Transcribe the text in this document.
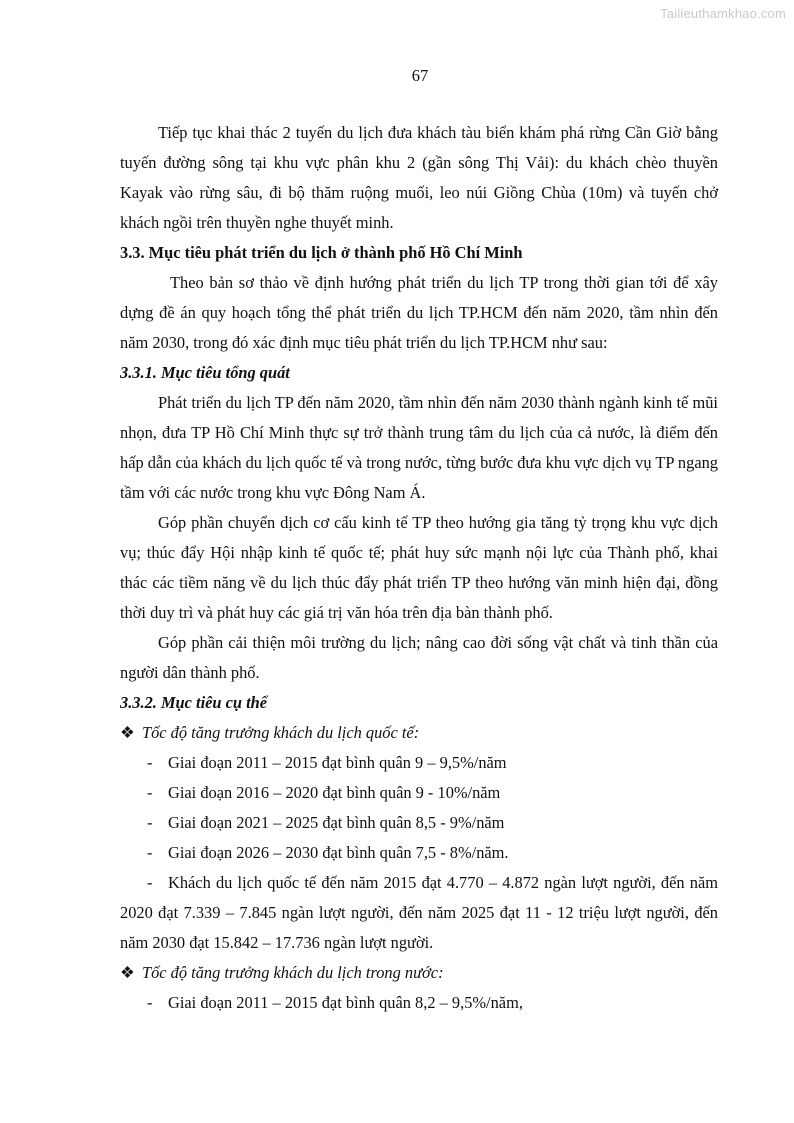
Tailieuthamkhao.com
67

Tiếp tục khai thác 2 tuyến du lịch đưa khách tàu biển khám phá rừng Cần Giờ bằng tuyến đường sông tại khu vực phân khu 2 (gần sông Thị Vải): du khách chèo thuyền Kayak vào rừng sâu, đi bộ thăm ruộng muối, leo núi Giồng Chùa (10m) và tuyến chở khách ngồi trên thuyền nghe thuyết minh.

3.3. Mục tiêu phát triển du lịch ở thành phố Hồ Chí Minh

Theo bản sơ thảo về định hướng phát triển du lịch TP trong thời gian tới để xây dựng đề án quy hoạch tổng thể phát triển du lịch TP.HCM đến năm 2020, tầm nhìn đến năm 2030, trong đó xác định mục tiêu phát triển du lịch TP.HCM như sau:

3.3.1. Mục tiêu tổng quát

Phát triển du lịch TP đến năm 2020, tầm nhìn đến năm 2030 thành ngành kinh tế mũi nhọn, đưa TP Hồ Chí Minh thực sự trở thành trung tâm du lịch của cả nước, là điểm đến hấp dẫn của khách du lịch quốc tế và trong nước, từng bước đưa khu vực dịch vụ TP ngang tầm với các nước trong khu vực Đông Nam Á.

Góp phần chuyển dịch cơ cấu kinh tế TP theo hướng gia tăng tỷ trọng khu vực dịch vụ; thúc đẩy Hội nhập kinh tế quốc tế; phát huy sức mạnh nội lực của Thành phố, khai thác các tiềm năng về du lịch thúc đẩy phát triển TP theo hướng văn minh hiện đại, đồng thời duy trì và phát huy các giá trị văn hóa trên địa bàn thành phố.

Góp phần cải thiện môi trường du lịch; nâng cao đời sống vật chất và tinh thần của người dân thành phố.

3.3.2. Mục tiêu cụ thể

❖ Tốc độ tăng trưởng khách du lịch quốc tế:

- Giai đoạn 2011 – 2015 đạt bình quân 9 – 9,5%/năm

- Giai đoạn 2016 – 2020 đạt bình quân 9 - 10%/năm

- Giai đoạn 2021 – 2025 đạt bình quân 8,5 - 9%/năm

- Giai đoạn 2026 – 2030 đạt bình quân 7,5 - 8%/năm.

- Khách du lịch quốc tế đến năm 2015 đạt 4.770 – 4.872 ngàn lượt người, đến năm 2020 đạt 7.339 – 7.845 ngàn lượt người, đến năm 2025 đạt 11 - 12 triệu lượt người, đến năm 2030 đạt 15.842 – 17.736 ngàn lượt người.

❖ Tốc độ tăng trưởng khách du lịch trong nước:

- Giai đoạn 2011 – 2015 đạt bình quân 8,2 – 9,5%/năm,
